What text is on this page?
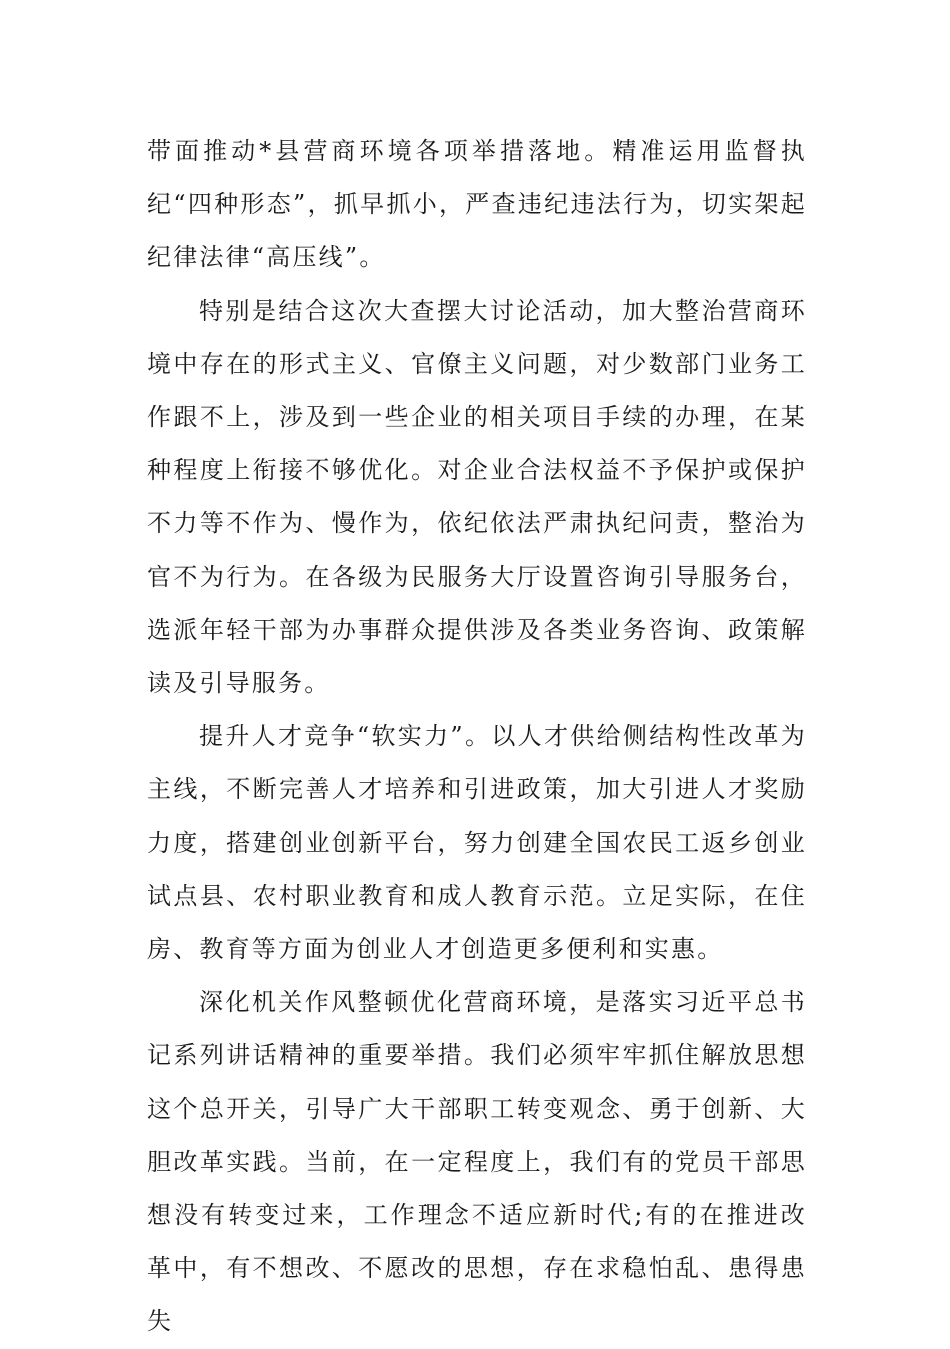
带面推动*县营商环境各项举措落地。精准运用监督执纪“四种形态”，抓早抓小，严查违纪违法行为，切实架起纪律法律“高压线”。

特别是结合这次大查摆大讨论活动，加大整治营商环境中存在的形式主义、官僚主义问题，对少数部门业务工作跟不上，涉及到一些企业的相关项目手续的办理，在某种程度上衔接不够优化。对企业合法权益不予保护或保护不力等不作为、慢作为，依纪依法严肃执纪问责，整治为官不为行为。在各级为民服务大厅设置咨询引导服务台，选派年轻干部为办事群众提供涉及各类业务咨询、政策解读及引导服务。

提升人才竞争“软实力”。以人才供给侧结构性改革为主线，不断完善人才培养和引进政策，加大引进人才奖励力度，搭建创业创新平台，努力创建全国农民工返乡创业试点县、农村职业教育和成人教育示范。立足实际，在住房、教育等方面为创业人才创造更多便利和实惠。

深化机关作风整顿优化营商环境，是落实习近平总书记系列讲话精神的重要举措。我们必须牢牢抓住解放思想这个总开关，引导广大干部职工转变观念、勇于创新、大胆改革实践。当前，在一定程度上，我们有的党员干部思想没有转变过来，工作理念不适应新时代;有的在推进改革中，有不想改、不愿改的思想，存在求稳怕乱、患得患失
